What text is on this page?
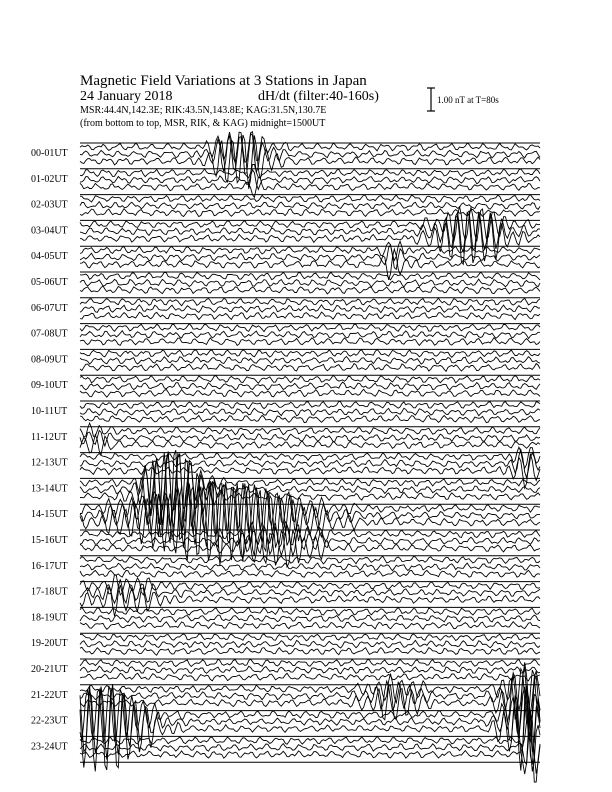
Magnetic Field Variations at 3 Stations in Japan
24 January 2018	dH/dt (filter:40-160s)
MSR:44.4N,142.3E; RIK:43.5N,143.8E; KAG:31.5N,130.7E
(from bottom to top, MSR, RIK, & KAG) midnight=1500UT
1.00 nT at T=80s
00-01UT
01-02UT
02-03UT
03-04UT
04-05UT
05-06UT
06-07UT
07-08UT
08-09UT
09-10UT
10-11UT
11-12UT
12-13UT
13-14UT
14-15UT
15-16UT
16-17UT
17-18UT
18-19UT
19-20UT
20-21UT
21-22UT
22-23UT
23-24UT
